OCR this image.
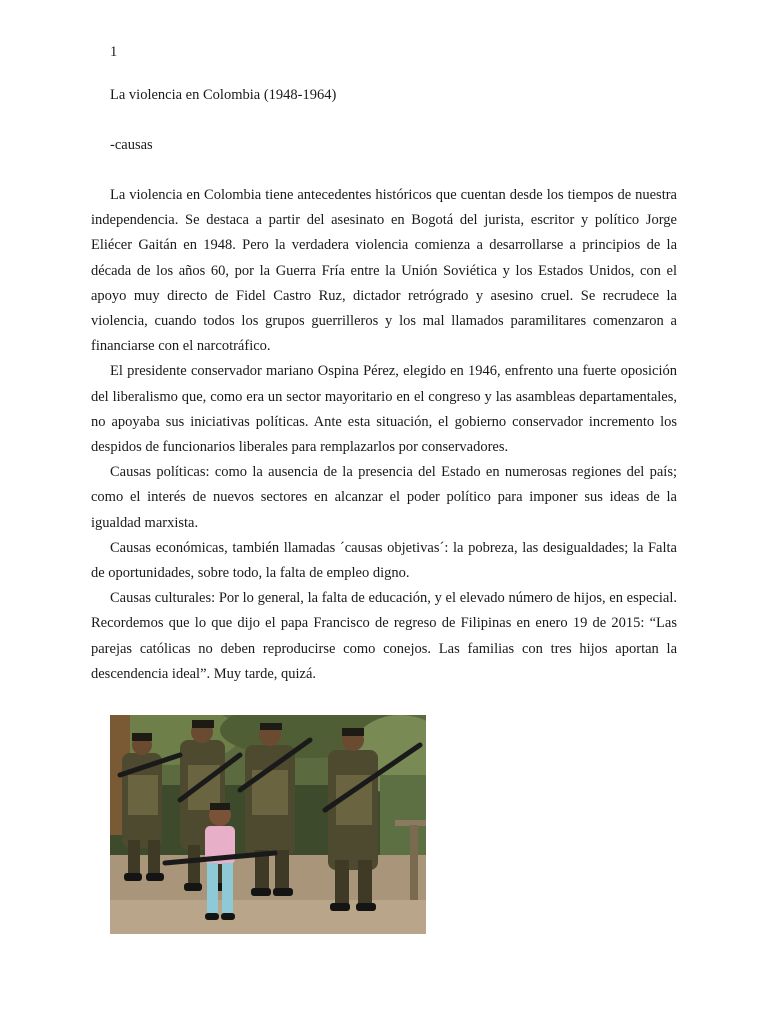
1
La violencia en Colombia (1948-1964)
-causas

La violencia en Colombia tiene antecedentes históricos que cuentan desde los tiempos de nuestra independencia. Se destaca a partir del asesinato en Bogotá del jurista, escritor y político Jorge Eliécer Gaitán en 1948. Pero la verdadera violencia comienza a desarrollarse a principios de la década de los años 60, por la Guerra Fría entre la Unión Soviética y los Estados Unidos, con el apoyo muy directo de Fidel Castro Ruz, dictador retrógrado y asesino cruel. Se recrudece la violencia, cuando todos los grupos guerrilleros y los mal llamados paramilitares comenzaron a financiarse con el narcotráfico.

El presidente conservador mariano Ospina Pérez, elegido en 1946, enfrento una fuerte oposición del liberalismo que, como era un sector mayoritario en el congreso y las asambleas departamentales, no apoyaba sus iniciativas políticas. Ante esta situación, el gobierno conservador incremento los despidos de funcionarios liberales para remplazarlos por conservadores.

Causas políticas: como la ausencia de la presencia del Estado en numerosas regiones del país; como el interés de nuevos sectores en alcanzar el poder político para imponer sus ideas de la igualdad marxista.

Causas económicas, también llamadas ´causas objetivas´: la pobreza, las desigualdades; la Falta de oportunidades, sobre todo, la falta de empleo digno.

Causas culturales: Por lo general, la falta de educación, y el elevado número de hijos, en especial. Recordemos que lo que dijo el papa Francisco de regreso de Filipinas en enero 19 de 2015: “Las parejas católicas no deben reproducirse como conejos. Las familias con tres hijos aportan la descendencia ideal”. Muy tarde, quizá.
